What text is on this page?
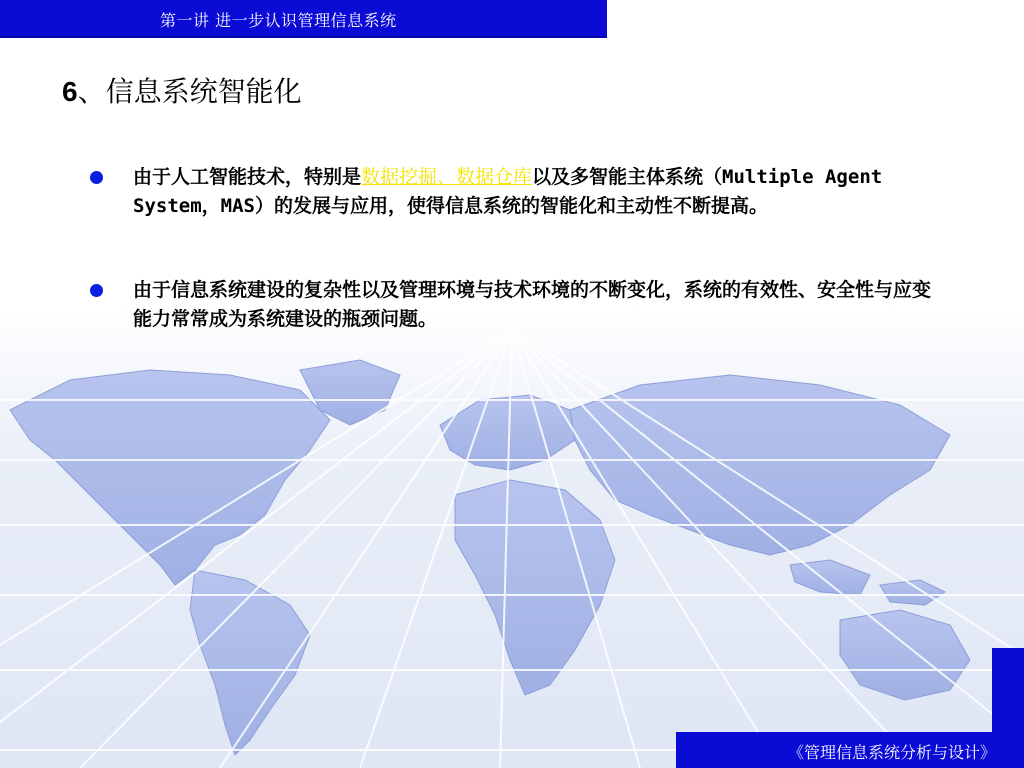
第一讲 进一步认识管理信息系统
6、信息系统智能化
由于人工智能技术，特别是数据挖掘、数据仓库以及多智能主体系统（Multiple Agent System，MAS）的发展与应用，使得信息系统的智能化和主动性不断提高。
由于信息系统建设的复杂性以及管理环境与技术环境的不断变化，系统的有效性、安全性与应变能力常常成为系统建设的瓶颈问题。
《管理信息系统分析与设计》
